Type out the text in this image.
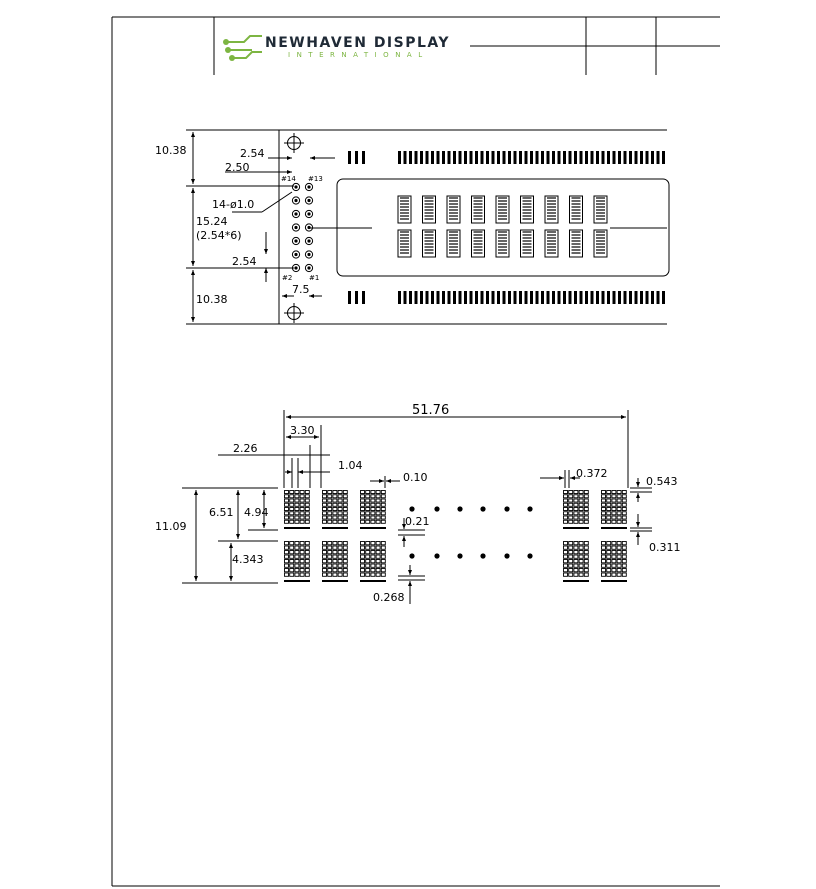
NEWHAVEN DISPLAY
INTERNATIONAL
#14 #13
#2 #1
10.38
15.24
(2.54*6)
10.38
2.54
2.50
14-ø1.0
2.54
7.5
51.76
3.30
2.26
1.04
0.10	0.372
11.09
6.51 4.94
4.343
0.21
0.268
0.543
0.311
